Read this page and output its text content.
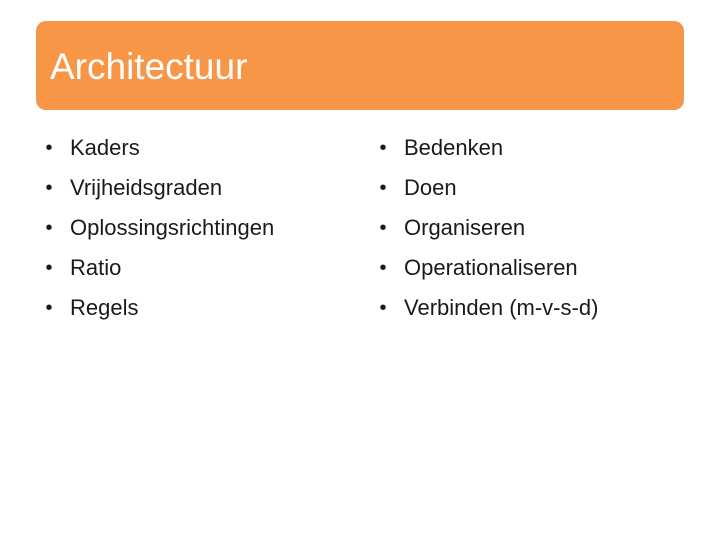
Architectuur
• Kaders
• Vrijheidsgraden
• Oplossingsrichtingen
• Ratio
• Regels
• Bedenken
• Doen
• Organiseren
• Operationaliseren
• Verbinden (m-v-s-d)
